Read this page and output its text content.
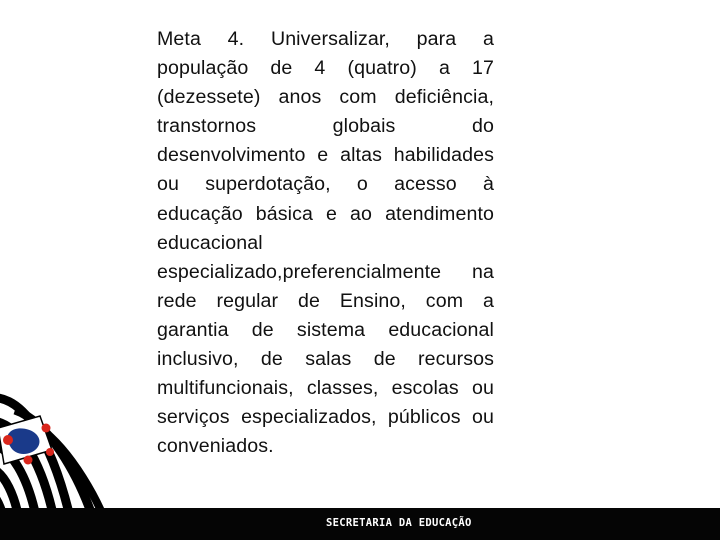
Meta 4. Universalizar, para a população de 4 (quatro) a 17 (dezessete) anos com deficiência, transtornos globais	do desenvolvimento e altas habilidades ou superdotação, o acesso à educação básica e ao atendimento educacional especializado,preferencialmente na rede regular de Ensino, com a garantia de sistema educacional inclusivo, de salas de recursos multifuncionais, classes, escolas ou serviços especializados, públicos ou conveniados.

SECRETARIA DA EDUCAÇÃO
